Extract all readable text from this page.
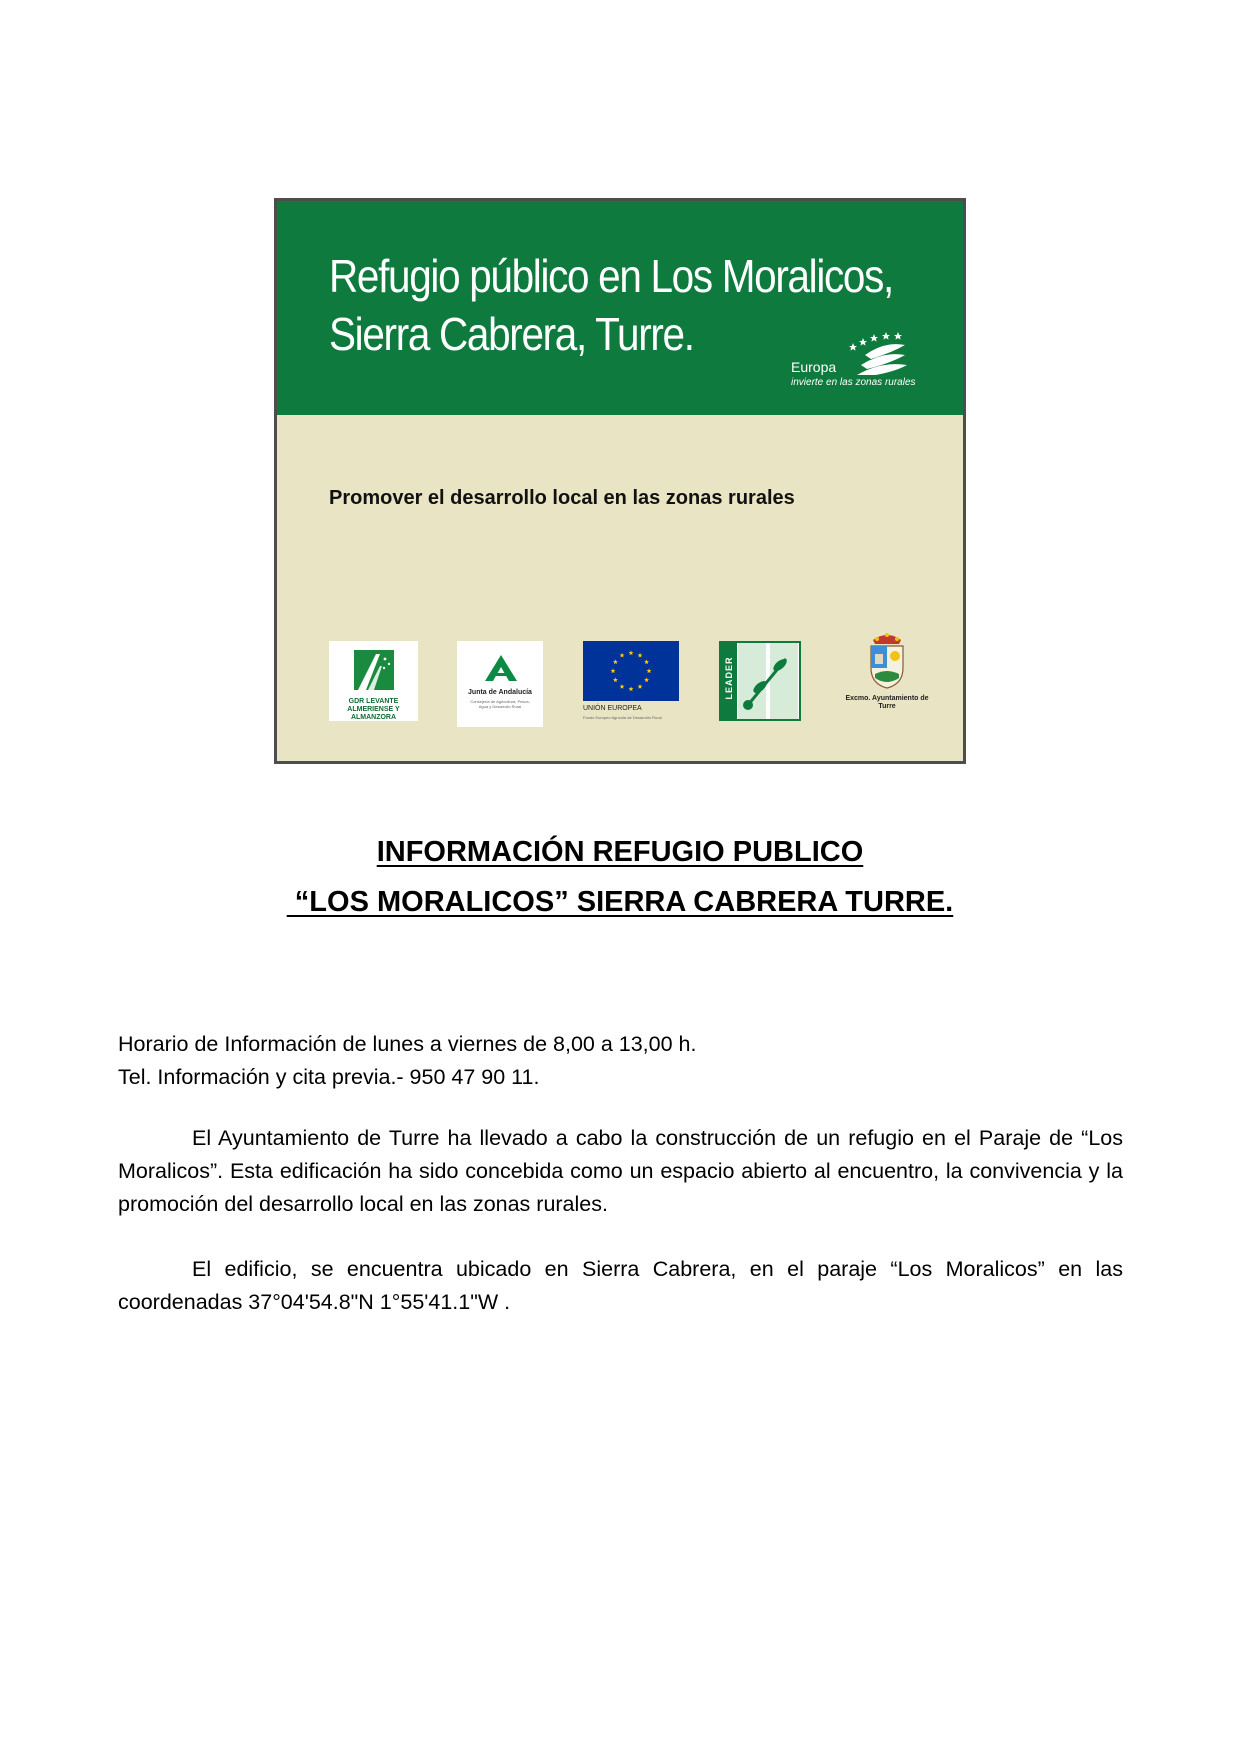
Refugio público en Los Moralicos,
Sierra Cabrera, Turre.
Europa
invierte en las zonas rurales
Promover el desarrollo local en las zonas rurales
GDR LEVANTE ALMERIENSE Y ALMANZORA
Junta de Andalucía
Consejería de Agricultura, Pesca, Agua y Desarrollo Rural	UNIÓN EUROPEA
Fondo Europeo Agrícola de Desarrollo Rural
LEADER	Excmo. Ayuntamiento de Turre
INFORMACIÓN REFUGIO PUBLICO
“LOS MORALICOS” SIERRA CABRERA TURRE.
Horario de Información de lunes a viernes de 8,00 a 13,00 h.
Tel. Información y cita previa.- 950 47 90 11.

El Ayuntamiento de Turre ha llevado a cabo la construcción de un refugio en el Paraje de “Los Moralicos”. Esta edificación ha sido concebida como un espacio abierto al encuentro, la convivencia y la promoción del desarrollo local en las zonas rurales.

El edificio, se encuentra ubicado en Sierra Cabrera, en el paraje “Los Moralicos” en las coordenadas 37°04'54.8"N 1°55'41.1"W .
